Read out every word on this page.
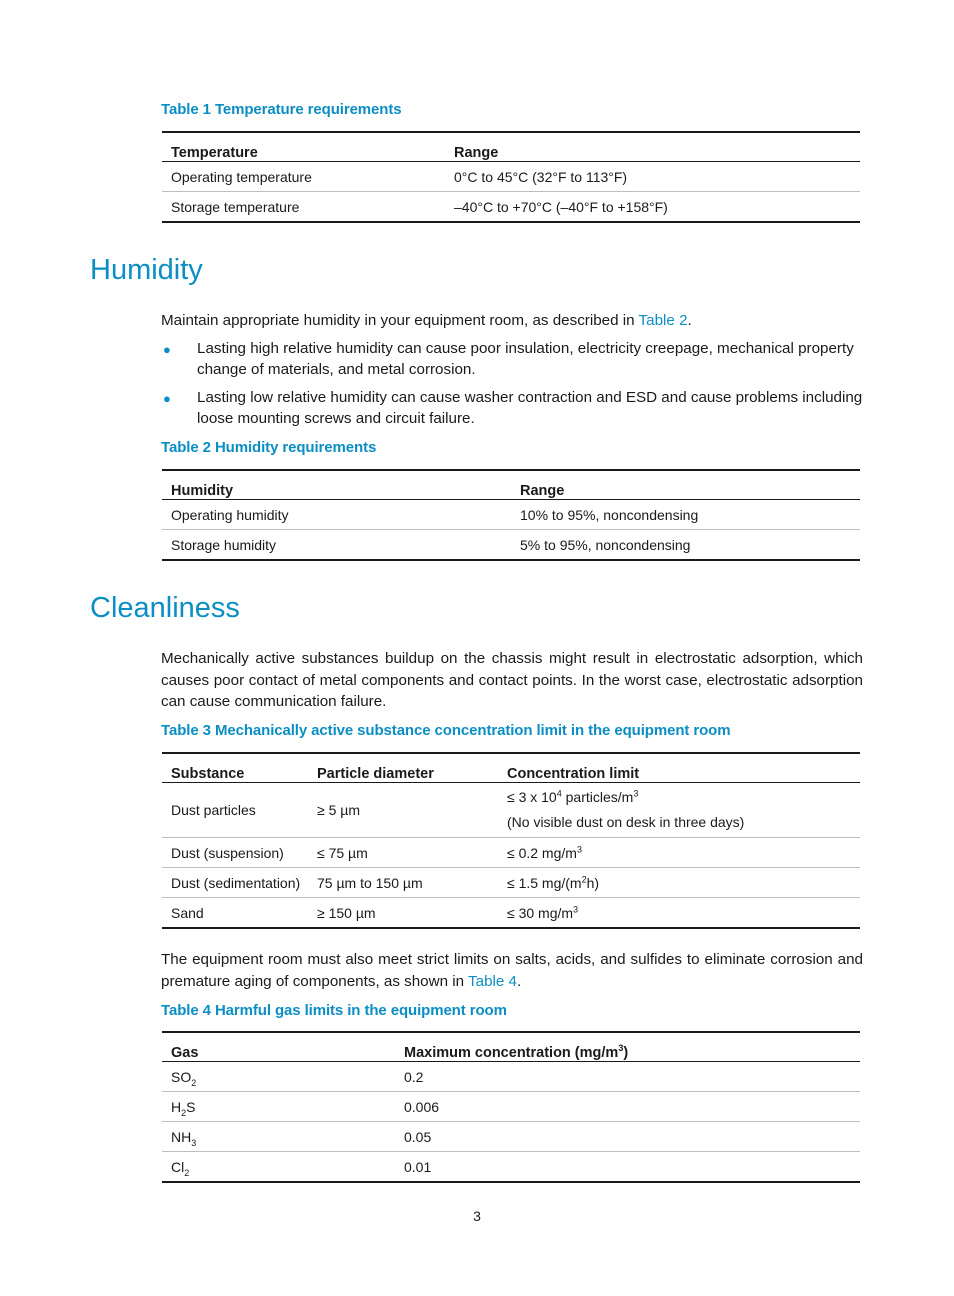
Table 1 Temperature requirements
Temperature	Range
Operating temperature	0°C to 45°C (32°F to 113°F)
Storage temperature	–40°C to +70°C (–40°F to +158°F)
Humidity
Maintain appropriate humidity in your equipment room, as described in Table 2.
● Lasting high relative humidity can cause poor insulation, electricity creepage, mechanical property change of materials, and metal corrosion.
● Lasting low relative humidity can cause washer contraction and ESD and cause problems including loose mounting screws and circuit failure.
Table 2 Humidity requirements
Humidity	Range
Operating humidity	10% to 95%, noncondensing
Storage humidity	5% to 95%, noncondensing
Cleanliness
Mechanically active substances buildup on the chassis might result in electrostatic adsorption, which causes poor contact of metal components and contact points. In the worst case, electrostatic adsorption can cause communication failure.
Table 3 Mechanically active substance concentration limit in the equipment room
Substance	Particle diameter	Concentration limit
Dust particles	≥ 5 µm	≤ 3 x $10^4$ particles/$m^3$
(No visible dust on desk in three days)

Dust (suspension)	≤ 75 µm	≤ 0.2 $mg/m^3$
Dust (sedimentation)	75 µm to 150 µm	≤ 1.5 $mg/(m^2h)$
Sand	≥ 150 µm	≤ 30 $mg/m^3$
The equipment room must also meet strict limits on salts, acids, and sulfides to eliminate corrosion and premature aging of components, as shown in Table 4.
Table 4 Harmful gas limits in the equipment room
Gas	Maximum concentration $(mg/m^3)$
$SO_2$	0.2
$H_2S$	0.006
$NH_3$	0.05
$Cl_2$	0.01
3
